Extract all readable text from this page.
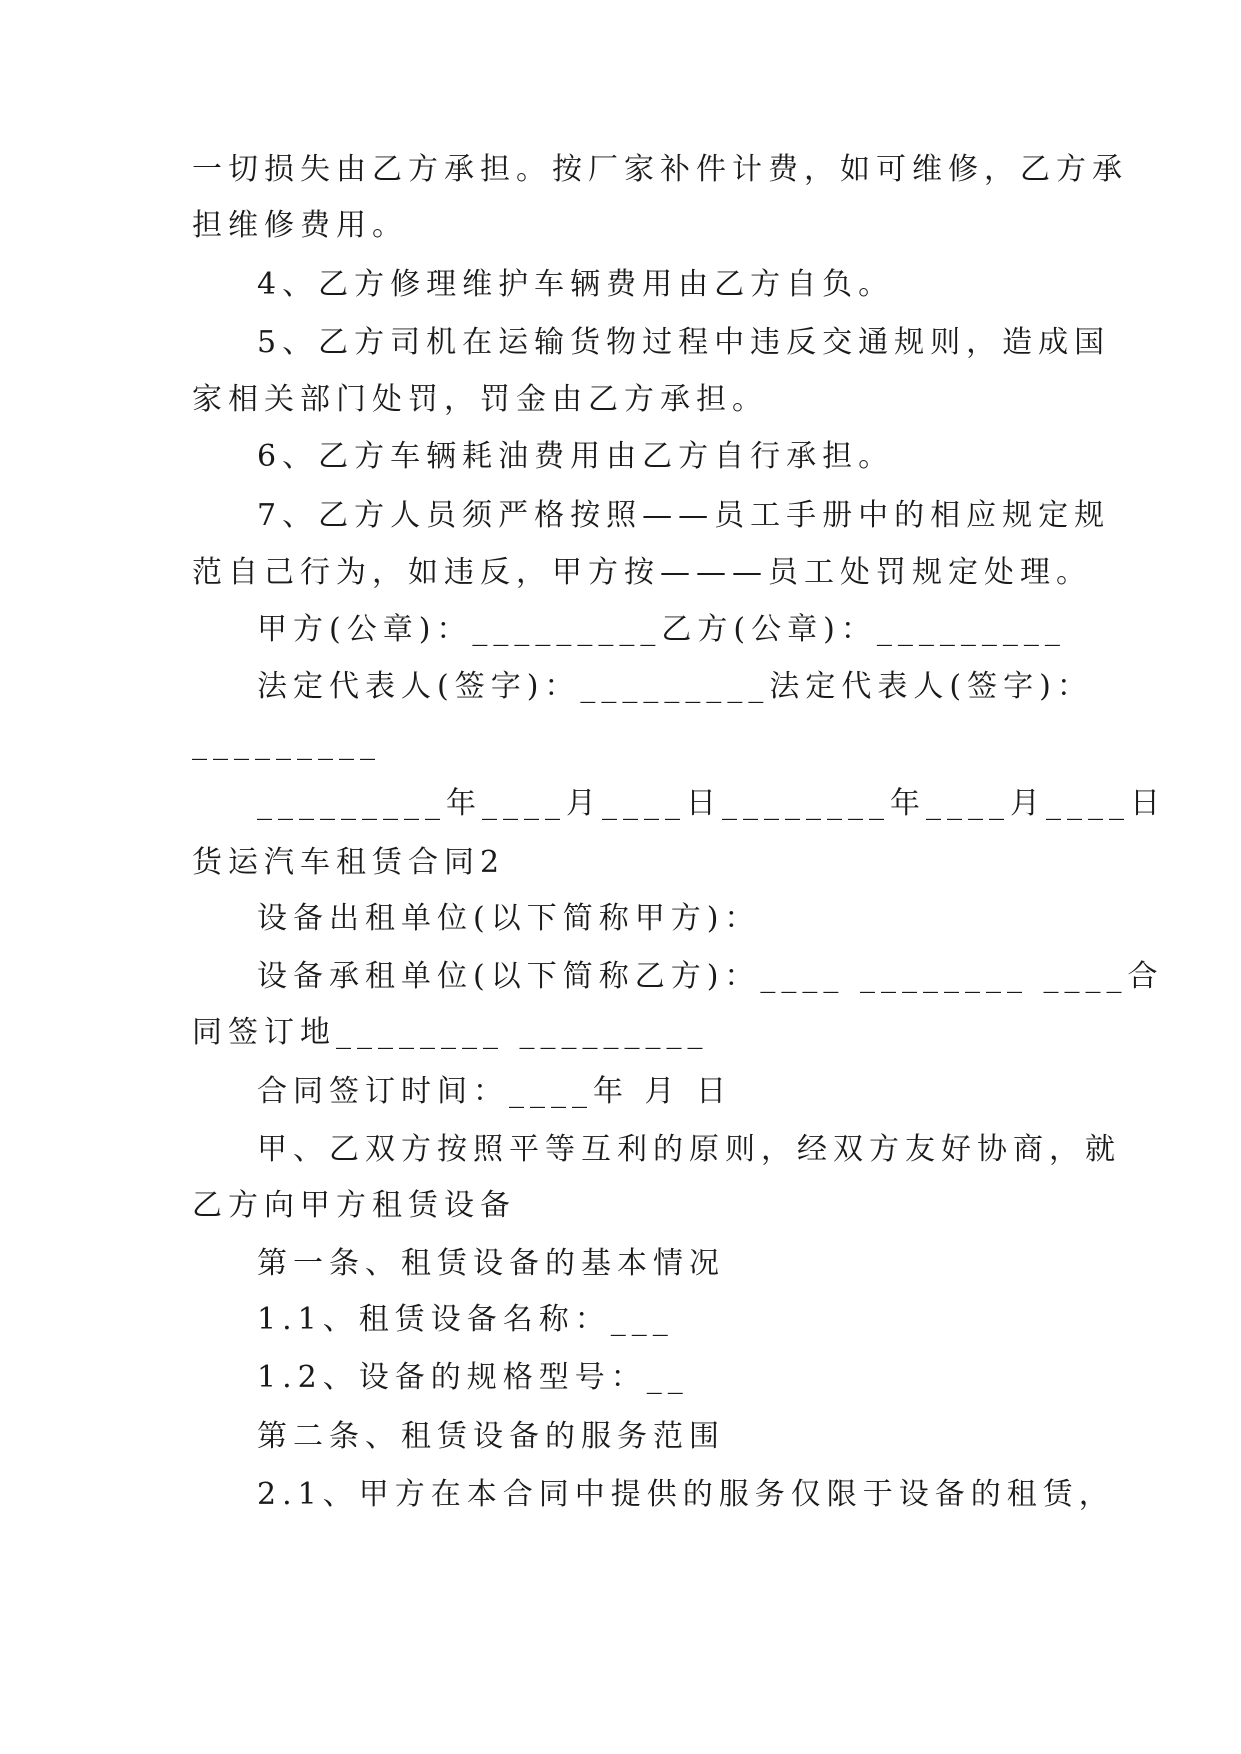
一切损失由乙方承担。按厂家补件计费，如可维修，乙方承
担维修费用。
4、乙方修理维护车辆费用由乙方自负。
5、乙方司机在运输货物过程中违反交通规则，造成国
家相关部门处罚，罚金由乙方承担。
6、乙方车辆耗油费用由乙方自行承担。
7、乙方人员须严格按照——员工手册中的相应规定规
范自己行为，如违反，甲方按———员工处罚规定处理。
甲方(公章)：_________乙方(公章)：_________
法定代表人(签字)：_________法定代表人(签字)：
_________
_________年____月____日________年____月____日
货运汽车租赁合同2
设备出租单位(以下简称甲方)：
设备承租单位(以下简称乙方)：____ ________ ____合
同签订地________ _________
合同签订时间：____年 月 日
甲、乙双方按照平等互利的原则，经双方友好协商，就
乙方向甲方租赁设备
第一条、租赁设备的基本情况
1.1、租赁设备名称：___
1.2、设备的规格型号：__
第二条、租赁设备的服务范围
2.1、甲方在本合同中提供的服务仅限于设备的租赁，
